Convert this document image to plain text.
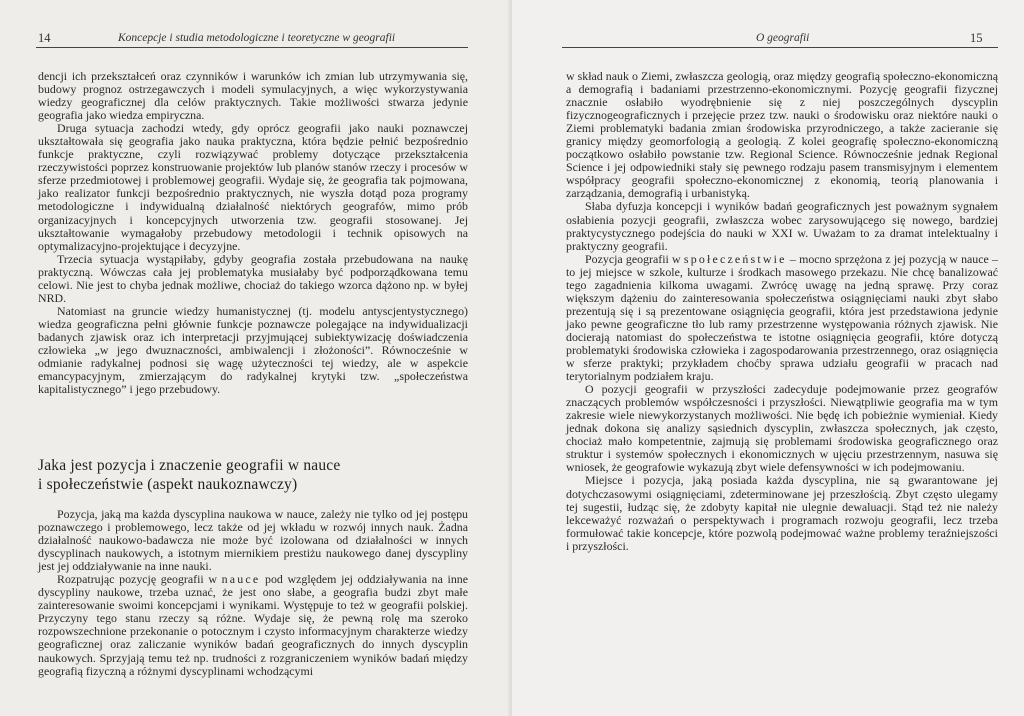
14	Koncepcje i studia metodologiczne i teoretyczne w geografii

dencji ich przekształceń oraz czynników i warunków ich zmian lub utrzymywania się, budowy prognoz ostrzegawczych i modeli symulacyjnych, a więc wykorzystywania wiedzy geograficznej dla celów praktycznych. Takie możliwości stwarza jedynie geografia jako wiedza empiryczna.

Druga sytuacja zachodzi wtedy, gdy oprócz geografii jako nauki poznawczej ukształtowała się geografia jako nauka praktyczna, która będzie pełnić bezpośrednio funkcje praktyczne, czyli rozwiązywać problemy dotyczące przekształcenia rzeczywistości poprzez konstruowanie projektów lub planów stanów rzeczy i procesów w sferze przedmiotowej i problemowej geografii. Wydaje się, że geografia tak pojmowana, jako realizator funkcji bezpośrednio praktycznych, nie wyszła dotąd poza programy metodologiczne i indywidualną działalność niektórych geografów, mimo prób organizacyjnych i koncepcyjnych utworzenia tzw. geografii stosowanej. Jej ukształtowanie wymagałoby przebudowy metodologii i technik opisowych na optymalizacyjno-projektujące i decyzyjne.

Trzecia sytuacja wystąpiłaby, gdyby geografia została przebudowana na naukę praktyczną. Wówczas cała jej problematyka musiałaby być podporządkowana temu celowi. Nie jest to chyba jednak możliwe, chociaż do takiego wzorca dążono np. w byłej NRD.

Natomiast na gruncie wiedzy humanistycznej (tj. modelu antyscjentystycznego) wiedza geograficzna pełni głównie funkcje poznawcze polegające na indywidualizacji badanych zjawisk oraz ich interpretacji przyjmującej subiektywizację doświadczenia człowieka „w jego dwuznaczności, ambiwalencji i złożoności”. Równocześnie w odmianie radykalnej podnosi się wagę użyteczności tej wiedzy, ale w aspekcie emancypacyjnym, zmierzającym do radykalnej krytyki tzw. „społeczeństwa kapitalistycznego” i jego przebudowy.

Jaka jest pozycja i znaczenie geografii w nauce
i społeczeństwie (aspekt naukoznawczy)

Pozycja, jaką ma każda dyscyplina naukowa w nauce, zależy nie tylko od jej postępu poznawczego i problemowego, lecz także od jej wkładu w rozwój innych nauk. Żadna działalność naukowo-badawcza nie może być izolowana od działalności w innych dyscyplinach naukowych, a istotnym miernikiem prestiżu naukowego danej dyscypliny jest jej oddziaływanie na inne nauki.

Rozpatrując pozycję geografii w nauce pod względem jej oddziaływania na inne dyscypliny naukowe, trzeba uznać, że jest ono słabe, a geografia budzi zbyt małe zainteresowanie swoimi koncepcjami i wynikami. Występuje to też w geografii polskiej. Przyczyny tego stanu rzeczy są różne. Wydaje się, że pewną rolę ma szeroko rozpowszechnione przekonanie o potocznym i czysto informacyjnym charakterze wiedzy geograficznej oraz zaliczanie wyników badań geograficznych do innych dyscyplin naukowych. Sprzyjają temu też np. trudności z rozgraniczeniem wyników badań między geografią fizyczną a różnymi dyscyplinami wchodzącymi

O geografii	15

w skład nauk o Ziemi, zwłaszcza geologią, oraz między geografią społeczno-ekonomiczną a demografią i badaniami przestrzenno-ekonomicznymi. Pozycję geografii fizycznej znacznie osłabiło wyodrębnienie się z niej poszczególnych dyscyplin fizycznogeograficznych i przejęcie przez tzw. nauki o środowisku oraz niektóre nauki o Ziemi problematyki badania zmian środowiska przyrodniczego, a także zacieranie się granicy między geomorfologią a geologią. Z kolei geografię społeczno-ekonomiczną początkowo osłabiło powstanie tzw. Regional Science. Równocześnie jednak Regional Science i jej odpowiedniki stały się pewnego rodzaju pasem transmisyjnym i elementem współpracy geografii społeczno-ekonomicznej z ekonomią, teorią planowania i zarządzania, demografią i urbanistyką.

Słaba dyfuzja koncepcji i wyników badań geograficznych jest poważnym sygnałem osłabienia pozycji geografii, zwłaszcza wobec zarysowującego się nowego, bardziej praktycystycznego podejścia do nauki w XXI w. Uważam to za dramat intelektualny i praktyczny geografii.

Pozycja geografii w społeczeństwie – mocno sprzężona z jej pozycją w nauce – to jej miejsce w szkole, kulturze i środkach masowego przekazu. Nie chcę banalizować tego zagadnienia kilkoma uwagami. Zwrócę uwagę na jedną sprawę. Przy coraz większym dążeniu do zainteresowania społeczeństwa osiągnięciami nauki zbyt słabo prezentują się i są prezentowane osiągnięcia geografii, która jest przedstawiona jedynie jako pewne geograficzne tło lub ramy przestrzenne występowania różnych zjawisk. Nie docierają natomiast do społeczeństwa te istotne osiągnięcia geografii, które dotyczą problematyki środowiska człowieka i zagospodarowania przestrzennego, oraz osiągnięcia w sferze praktyki; przykładem choćby sprawa udziału geografii w pracach nad terytorialnym podziałem kraju.

O pozycji geografii w przyszłości zadecyduje podejmowanie przez geografów znaczących problemów współczesności i przyszłości. Niewątpliwie geografia ma w tym zakresie wiele niewykorzystanych możliwości. Nie będę ich pobieżnie wymieniał. Kiedy jednak dokona się analizy sąsiednich dyscyplin, zwłaszcza społecznych, jak często, chociaż mało kompetentnie, zajmują się problemami środowiska geograficznego oraz struktur i systemów społecznych i ekonomicznych w ujęciu przestrzennym, nasuwa się wniosek, że geografowie wykazują zbyt wiele defensywności w ich podejmowaniu.

Miejsce i pozycja, jaką posiada każda dyscyplina, nie są gwarantowane jej dotychczasowymi osiągnięciami, zdeterminowane jej przeszłością. Zbyt często ulegamy tej sugestii, łudząc się, że zdobyty kapitał nie ulegnie dewaluacji. Stąd też nie należy lekceważyć rozważań o perspektywach i programach rozwoju geografii, lecz trzeba formułować takie koncepcje, które pozwolą podejmować ważne problemy teraźniejszości i przyszłości.
